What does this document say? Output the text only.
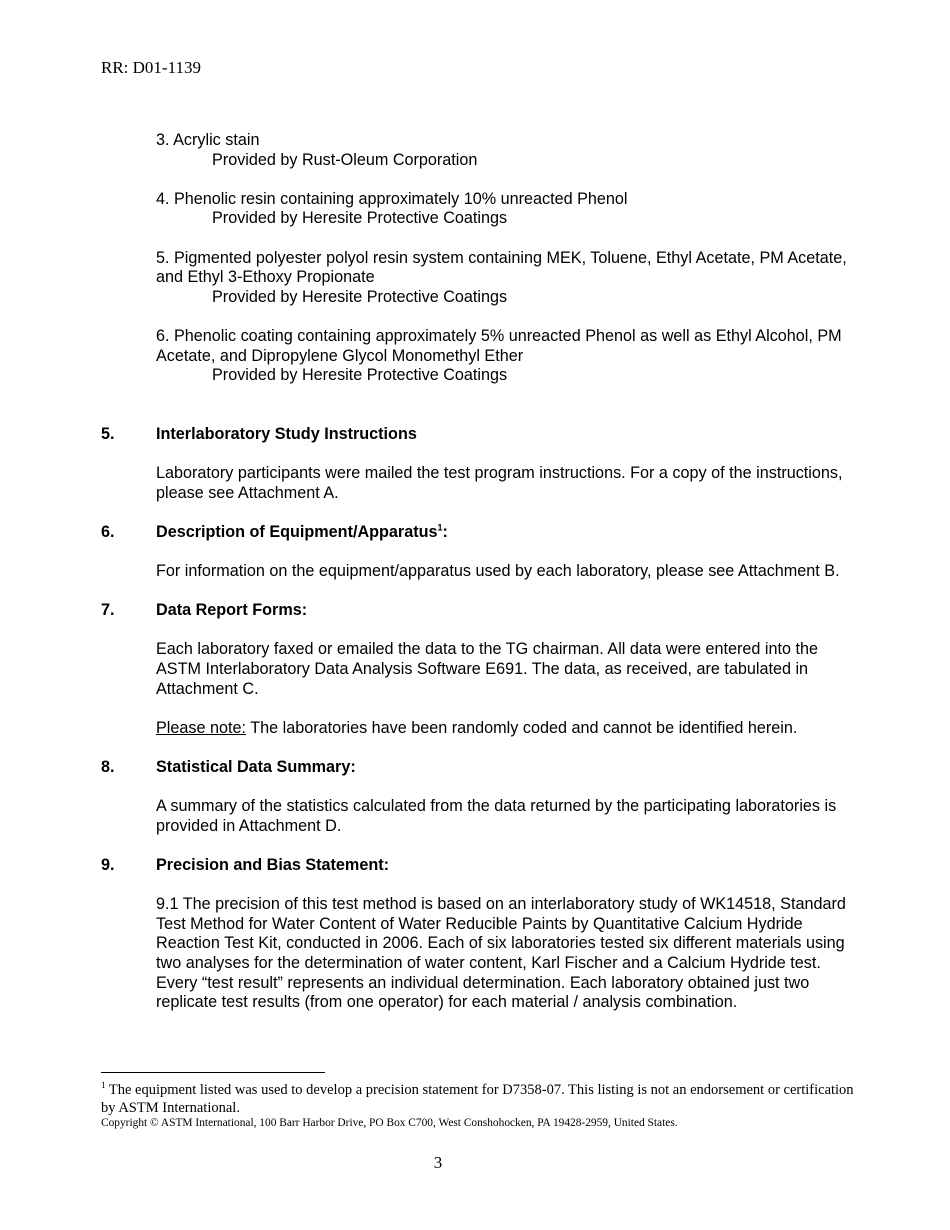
RR: D01-1139

3. Acrylic stain

Provided by Rust-Oleum Corporation

4. Phenolic resin containing approximately 10% unreacted Phenol

Provided by Heresite Protective Coatings

5. Pigmented polyester polyol resin system containing MEK, Toluene, Ethyl Acetate, PM Acetate, and Ethyl 3-Ethoxy Propionate

Provided by Heresite Protective Coatings

6. Phenolic coating containing approximately 5% unreacted Phenol as well as Ethyl Alcohol, PM Acetate, and Dipropylene Glycol Monomethyl Ether

Provided by Heresite Protective Coatings

5.	Interlaboratory Study Instructions

Laboratory participants were mailed the test program instructions. For a copy of the instructions, please see Attachment A.

6.	Description of Equipment/Apparatus$^1$:

For information on the equipment/apparatus used by each laboratory, please see Attachment B.

7.	Data Report Forms:

Each laboratory faxed or emailed the data to the TG chairman. All data were entered into the ASTM Interlaboratory Data Analysis Software E691. The data, as received, are tabulated in Attachment C.

Please note: The laboratories have been randomly coded and cannot be identified herein.

8.	Statistical Data Summary:

A summary of the statistics calculated from the data returned by the participating laboratories is provided in Attachment D.

9.	Precision and Bias Statement:

9.1 The precision of this test method is based on an interlaboratory study of WK14518, Standard Test Method for Water Content of Water Reducible Paints by Quantitative Calcium Hydride Reaction Test Kit, conducted in 2006. Each of six laboratories tested six different materials using two analyses for the determination of water content, Karl Fischer and a Calcium Hydride test. Every “test result” represents an individual determination. Each laboratory obtained just two replicate test results (from one operator) for each material / analysis combination.

$^1$ The equipment listed was used to develop a precision statement for D7358-07. This listing is not an endorsement or certification by ASTM International.
Copyright © ASTM International, 100 Barr Harbor Drive, PO Box C700, West Conshohocken, PA 19428-2959, United States.
3
